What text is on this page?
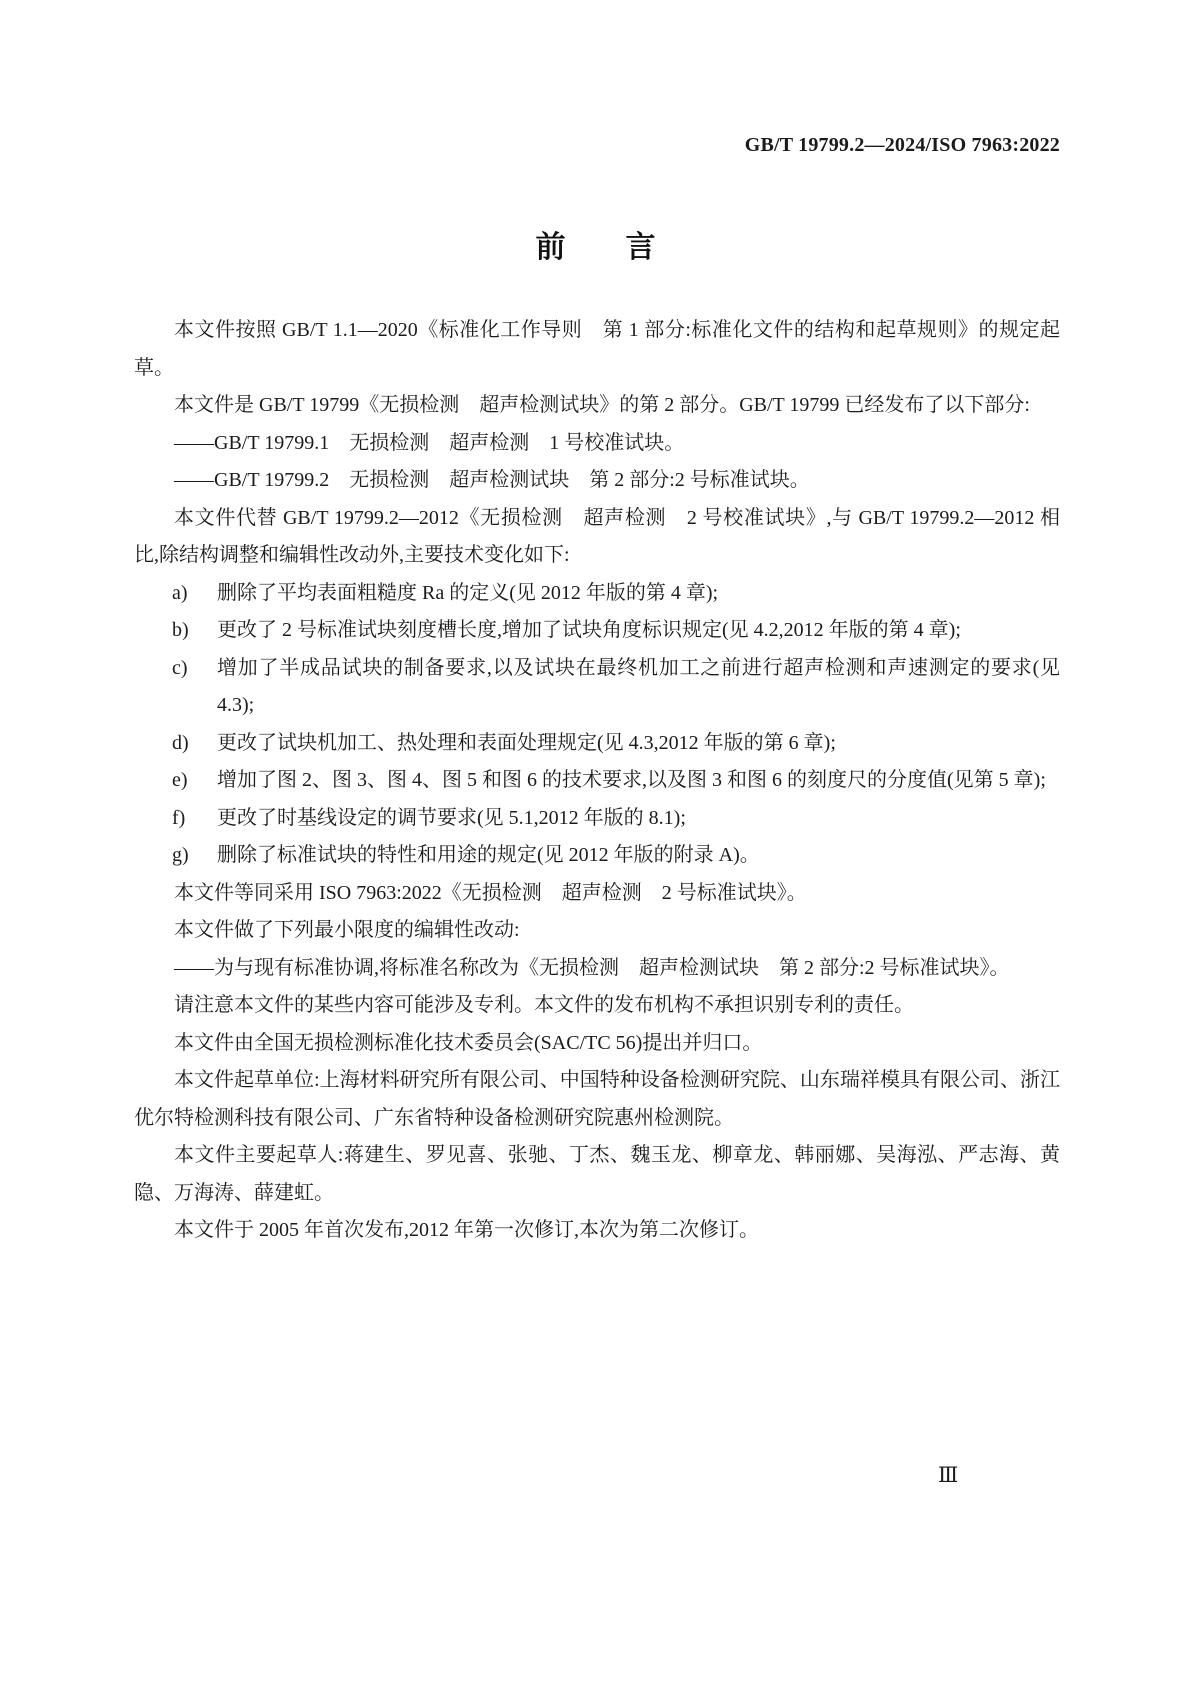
GB/T 19799.2—2024/ISO 7963:2022
前　　言

本文件按照 GB/T 1.1—2020《标准化工作导则　第 1 部分:标准化文件的结构和起草规则》的规定起草。

本文件是 GB/T 19799《无损检测　超声检测试块》的第 2 部分。GB/T 19799 已经发布了以下部分:

——GB/T 19799.1　无损检测　超声检测　1 号校准试块。

——GB/T 19799.2　无损检测　超声检测试块　第 2 部分:2 号标准试块。

本文件代替 GB/T 19799.2—2012《无损检测　超声检测　2 号校准试块》,与 GB/T 19799.2—2012 相比,除结构调整和编辑性改动外,主要技术变化如下:

a)	删除了平均表面粗糙度 Ra 的定义(见 2012 年版的第 4 章);
b)	更改了 2 号标准试块刻度槽长度,增加了试块角度标识规定(见 4.2,2012 年版的第 4 章);
c)	增加了半成品试块的制备要求,以及试块在最终机加工之前进行超声检测和声速测定的要求(见 4.3);
d)	更改了试块机加工、热处理和表面处理规定(见 4.3,2012 年版的第 6 章);
e)	增加了图 2、图 3、图 4、图 5 和图 6 的技术要求,以及图 3 和图 6 的刻度尺的分度值(见第 5 章);
f)	更改了时基线设定的调节要求(见 5.1,2012 年版的 8.1);
g)	删除了标准试块的特性和用途的规定(见 2012 年版的附录 A)。

本文件等同采用 ISO 7963:2022《无损检测　超声检测　2 号标准试块》。

本文件做了下列最小限度的编辑性改动:

——为与现有标准协调,将标准名称改为《无损检测　超声检测试块　第 2 部分:2 号标准试块》。

请注意本文件的某些内容可能涉及专利。本文件的发布机构不承担识别专利的责任。

本文件由全国无损检测标准化技术委员会(SAC/TC 56)提出并归口。

本文件起草单位:上海材料研究所有限公司、中国特种设备检测研究院、山东瑞祥模具有限公司、浙江优尔特检测科技有限公司、广东省特种设备检测研究院惠州检测院。

本文件主要起草人:蒋建生、罗见喜、张驰、丁杰、魏玉龙、柳章龙、韩丽娜、吴海泓、严志海、黄隐、万海涛、薛建虹。

本文件于 2005 年首次发布,2012 年第一次修订,本次为第二次修订。

Ⅲ
